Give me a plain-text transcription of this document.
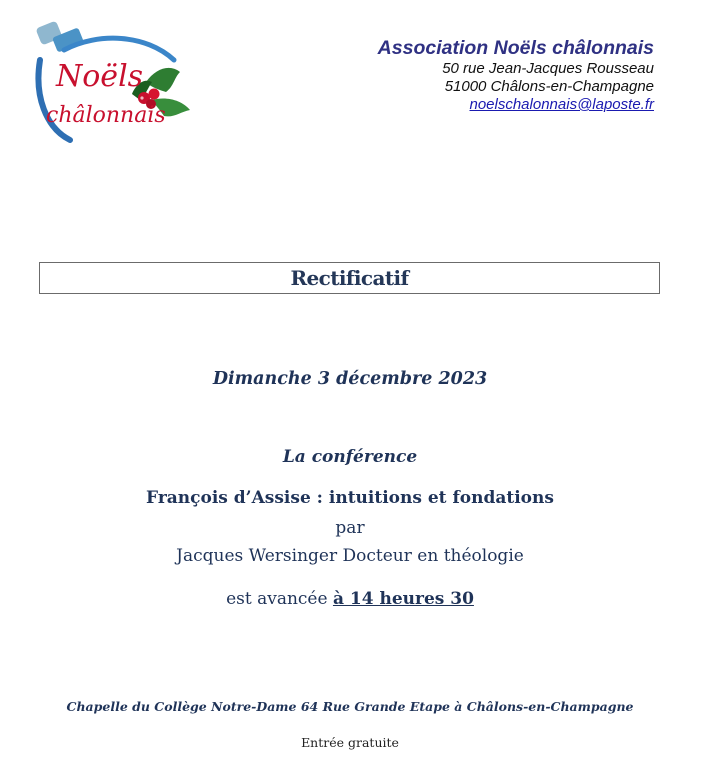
Noëls
châlonnais
Association Noëls châlonnais
50 rue Jean-Jacques Rousseau
51000 Châlons-en-Champagne
noelschalonnais@laposte.fr
Rectificatif
Dimanche 3 décembre 2023
La conférence
François d’Assise : intuitions et fondations
par
Jacques Wersinger Docteur en théologie
est avancée à 14 heures 30
Chapelle du Collège Notre-Dame 64 Rue Grande Etape à Châlons-en-Champagne
Entrée gratuite
